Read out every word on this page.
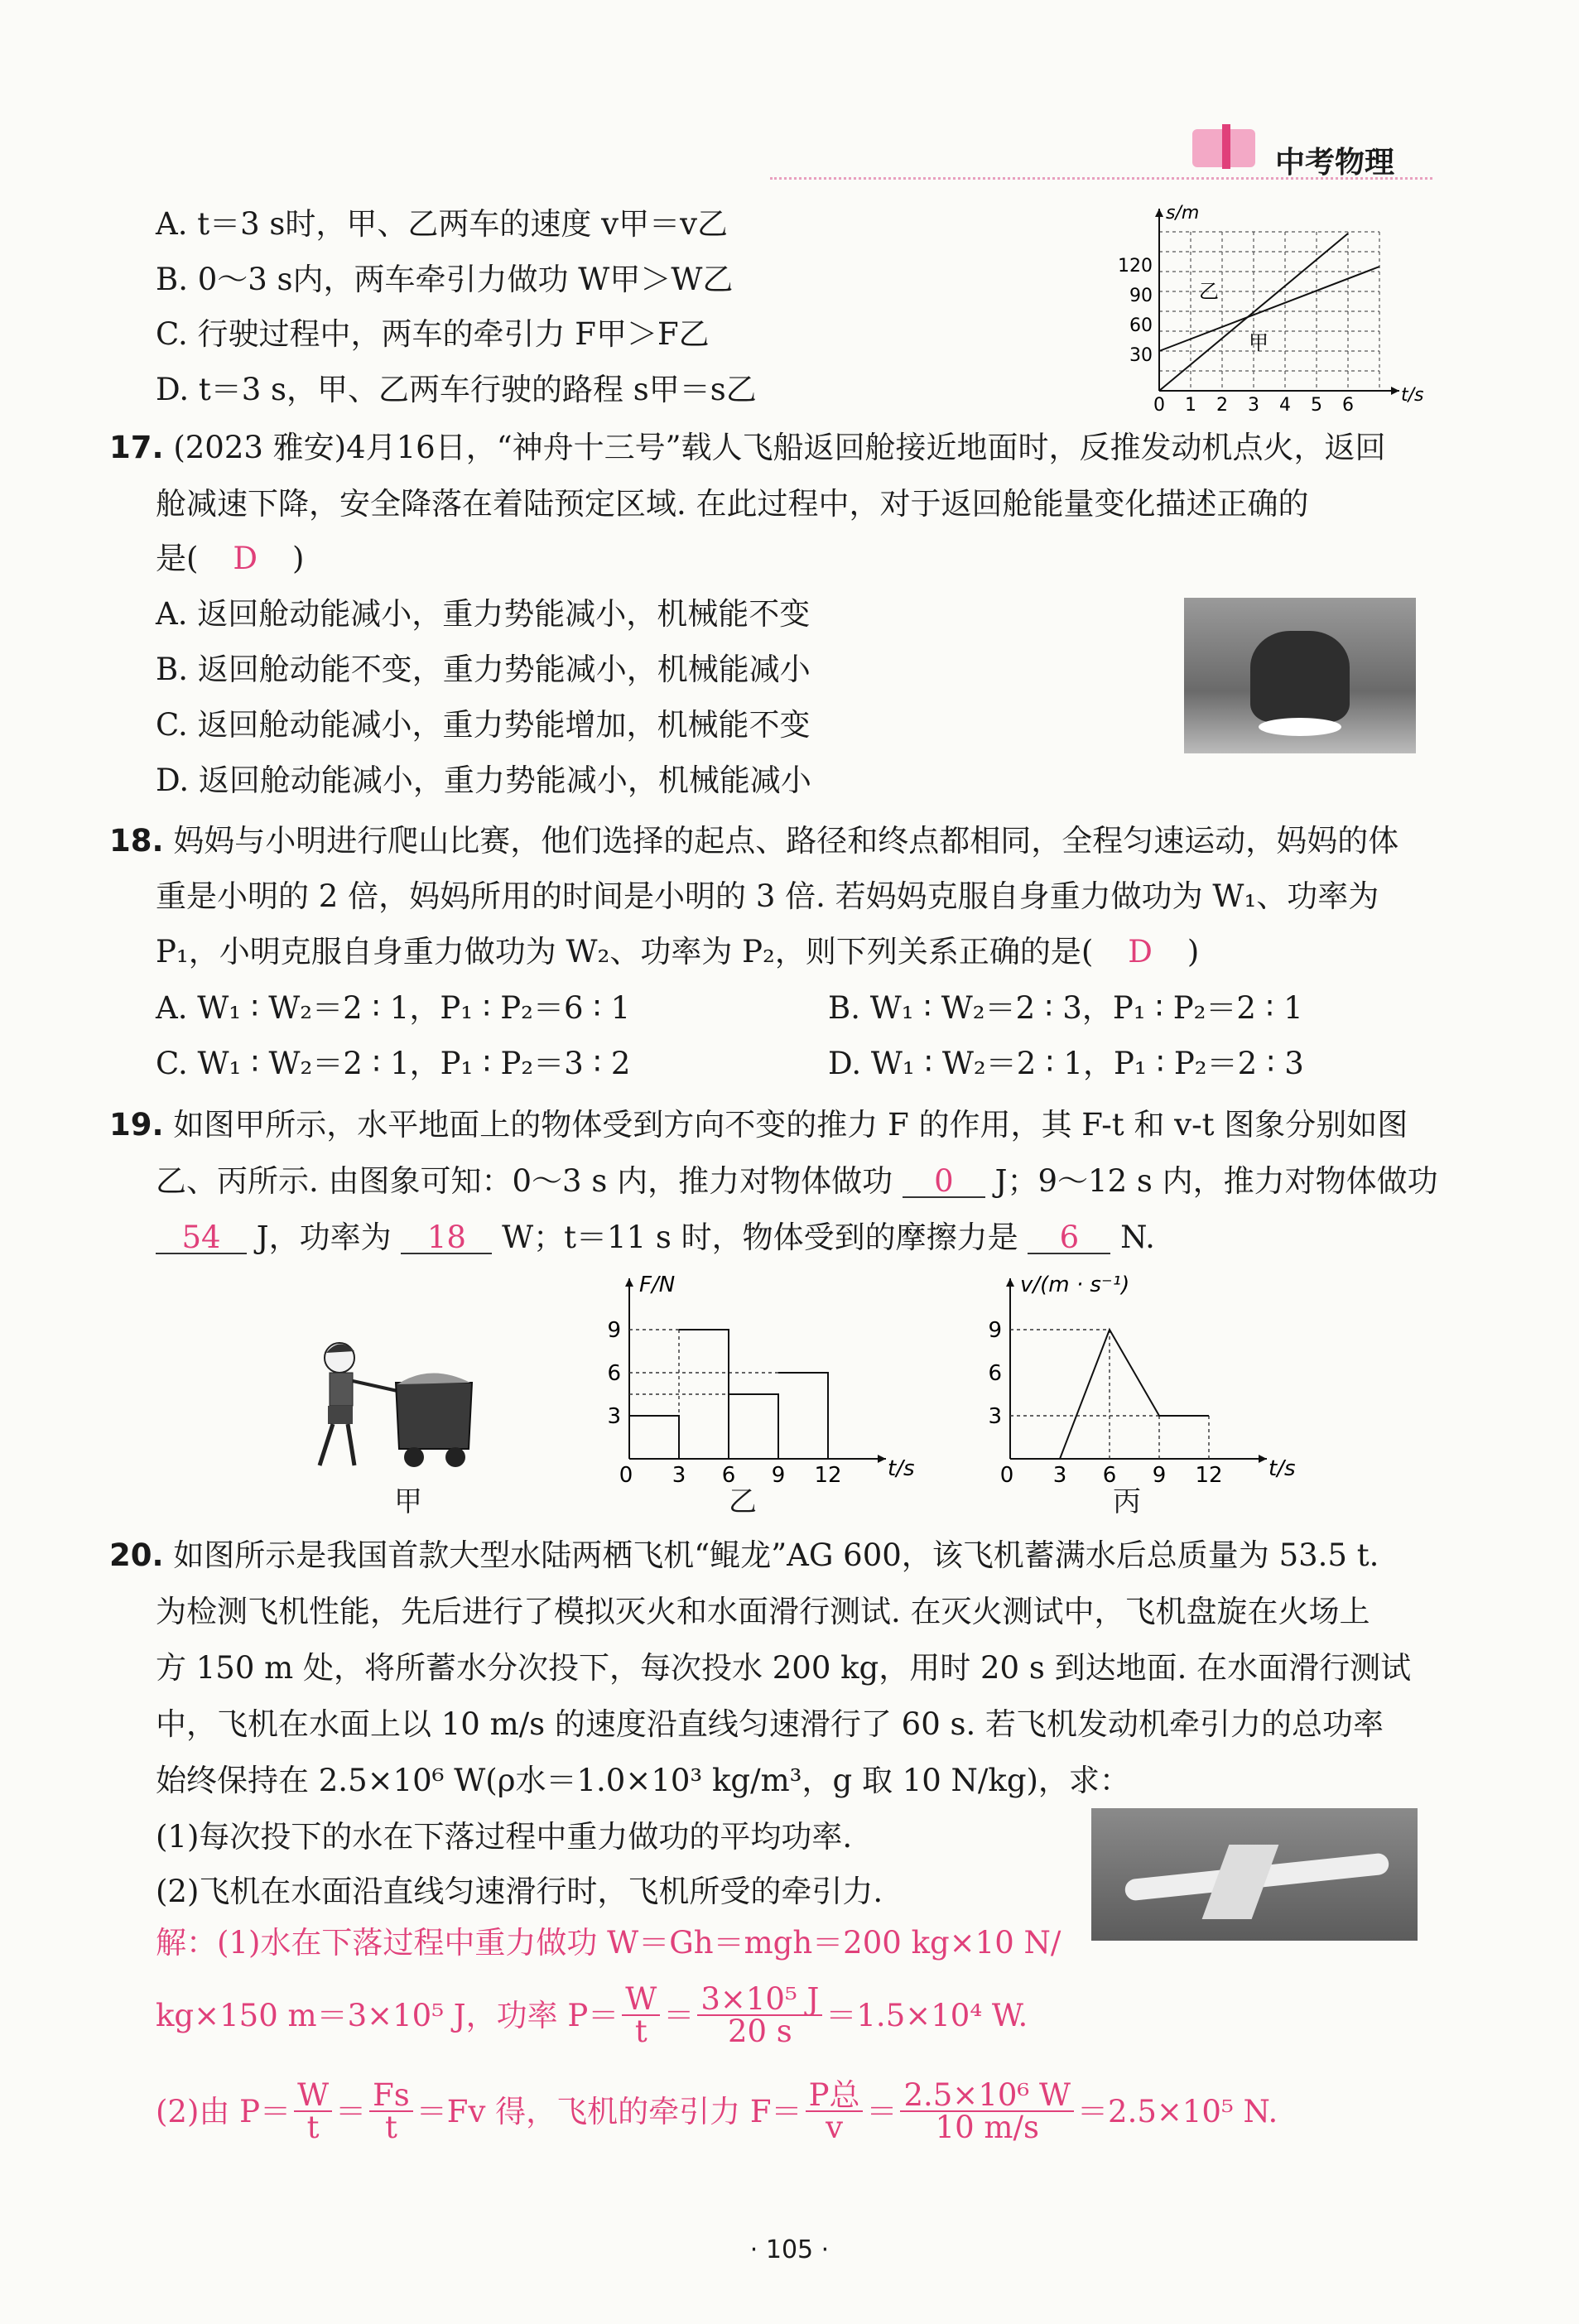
中考物理
A. t＝3 s时，甲、乙两车的速度 v甲＝v乙
B. 0～3 s内，两车牵引力做功 W甲＞W乙
C. 行驶过程中，两车的牵引力 F甲＞F乙
D. t＝3 s，甲、乙两车行驶的路程 s甲＝s乙
s/m
t/s
120
90
60
30
0 1 2 3 4 5 6
乙
甲
17. (2023 雅安)4月16日，“神舟十三号”载人飞船返回舱接近地面时，反推发动机点火，返回
舱减速下降，安全降落在着陆预定区域. 在此过程中，对于返回舱能量变化描述正确的
是( D )
A. 返回舱动能减小，重力势能减小，机械能不变
B. 返回舱动能不变，重力势能减小，机械能减小
C. 返回舱动能减小，重力势能增加，机械能不变
D. 返回舱动能减小，重力势能减小，机械能减小
18. 妈妈与小明进行爬山比赛，他们选择的起点、路径和终点都相同，全程匀速运动，妈妈的体
重是小明的 2 倍，妈妈所用的时间是小明的 3 倍. 若妈妈克服自身重力做功为 W₁、功率为
P₁，小明克服自身重力做功为 W₂、功率为 P₂，则下列关系正确的是( D )
A. W₁ ∶ W₂＝2 ∶ 1，P₁ ∶ P₂＝6 ∶ 1	B. W₁ ∶ W₂＝2 ∶ 3，P₁ ∶ P₂＝2 ∶ 1
C. W₁ ∶ W₂＝2 ∶ 1，P₁ ∶ P₂＝3 ∶ 2	D. W₁ ∶ W₂＝2 ∶ 1，P₁ ∶ P₂＝2 ∶ 3
19. 如图甲所示，水平地面上的物体受到方向不变的推力 F 的作用，其 F-t 和 v-t 图象分别如图
乙、丙所示. 由图象可知：0～3 s 内，推力对物体做功 0 J；9～12 s 内，推力对物体做功
54 J，功率为 18 W；t＝11 s 时，物体受到的摩擦力是 6 N.
甲
F/N
t/s
9
6
3
0 3 6 9 12
乙
v/(m · s⁻¹)
t/s
9
6
3
0 3 6 9 12
丙
20. 如图所示是我国首款大型水陆两栖飞机“鲲龙”AG 600，该飞机蓄满水后总质量为 53.5 t.
为检测飞机性能，先后进行了模拟灭火和水面滑行测试. 在灭火测试中，飞机盘旋在火场上
方 150 m 处，将所蓄水分次投下，每次投水 200 kg，用时 20 s 到达地面. 在水面滑行测试
中，飞机在水面上以 10 m/s 的速度沿直线匀速滑行了 60 s. 若飞机发动机牵引力的总功率
始终保持在 2.5×10⁶ W(ρ水＝1.0×10³ kg/m³，g 取 10 N/kg)，求：
(1)每次投下的水在下落过程中重力做功的平均功率.
(2)飞机在水面沿直线匀速滑行时，飞机所受的牵引力.
解：(1)水在下落过程中重力做功 W＝Gh＝mgh＝200 kg×10 N/
kg×150 m＝3×10⁵ J，功率 $P= \frac{W}{t} = \frac{\text{3×10⁵ J}}{20 s} =1.5\times 10^4$ W.
(2)由 $P= \frac{W}{t} = \frac{Fs}{t} =Fv$ 得，飞机的牵引力 $F= \frac{\text{P总}}{v} = \frac{\text{2.5×10⁶ W}}{10 m/s} =2.5\times 10^5$ N.
· 105 ·
